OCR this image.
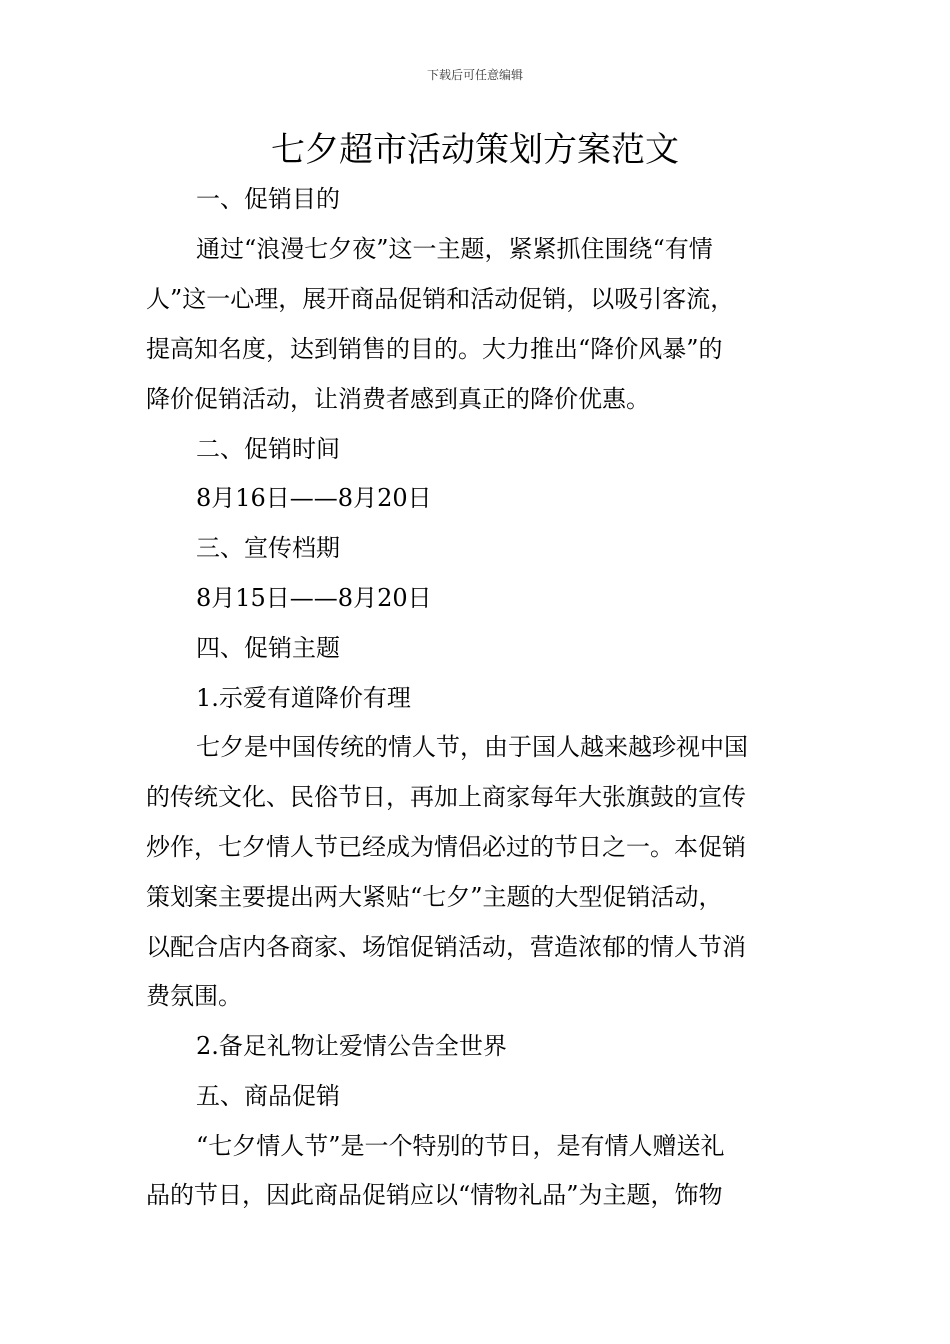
下载后可任意编辑
七夕超市活动策划方案范文
一、促销目的
通过“浪漫七夕夜”这一主题，紧紧抓住围绕“有情
人”这一心理，展开商品促销和活动促销，以吸引客流，
提高知名度，达到销售的目的。大力推出“降价风暴”的
降价促销活动，让消费者感到真正的降价优惠。
二、促销时间
8月16日——8月20日
三、宣传档期
8月15日——8月20日
四、促销主题
1.示爱有道降价有理
七夕是中国传统的情人节，由于国人越来越珍视中国
的传统文化、民俗节日，再加上商家每年大张旗鼓的宣传
炒作，七夕情人节已经成为情侣必过的节日之一。本促销
策划案主要提出两大紧贴“七夕”主题的大型促销活动，
以配合店内各商家、场馆促销活动，营造浓郁的情人节消
费氛围。
2.备足礼物让爱情公告全世界
五、商品促销
“七夕情人节”是一个特别的节日，是有情人赠送礼
品的节日，因此商品促销应以“情物礼品”为主题，饰物
